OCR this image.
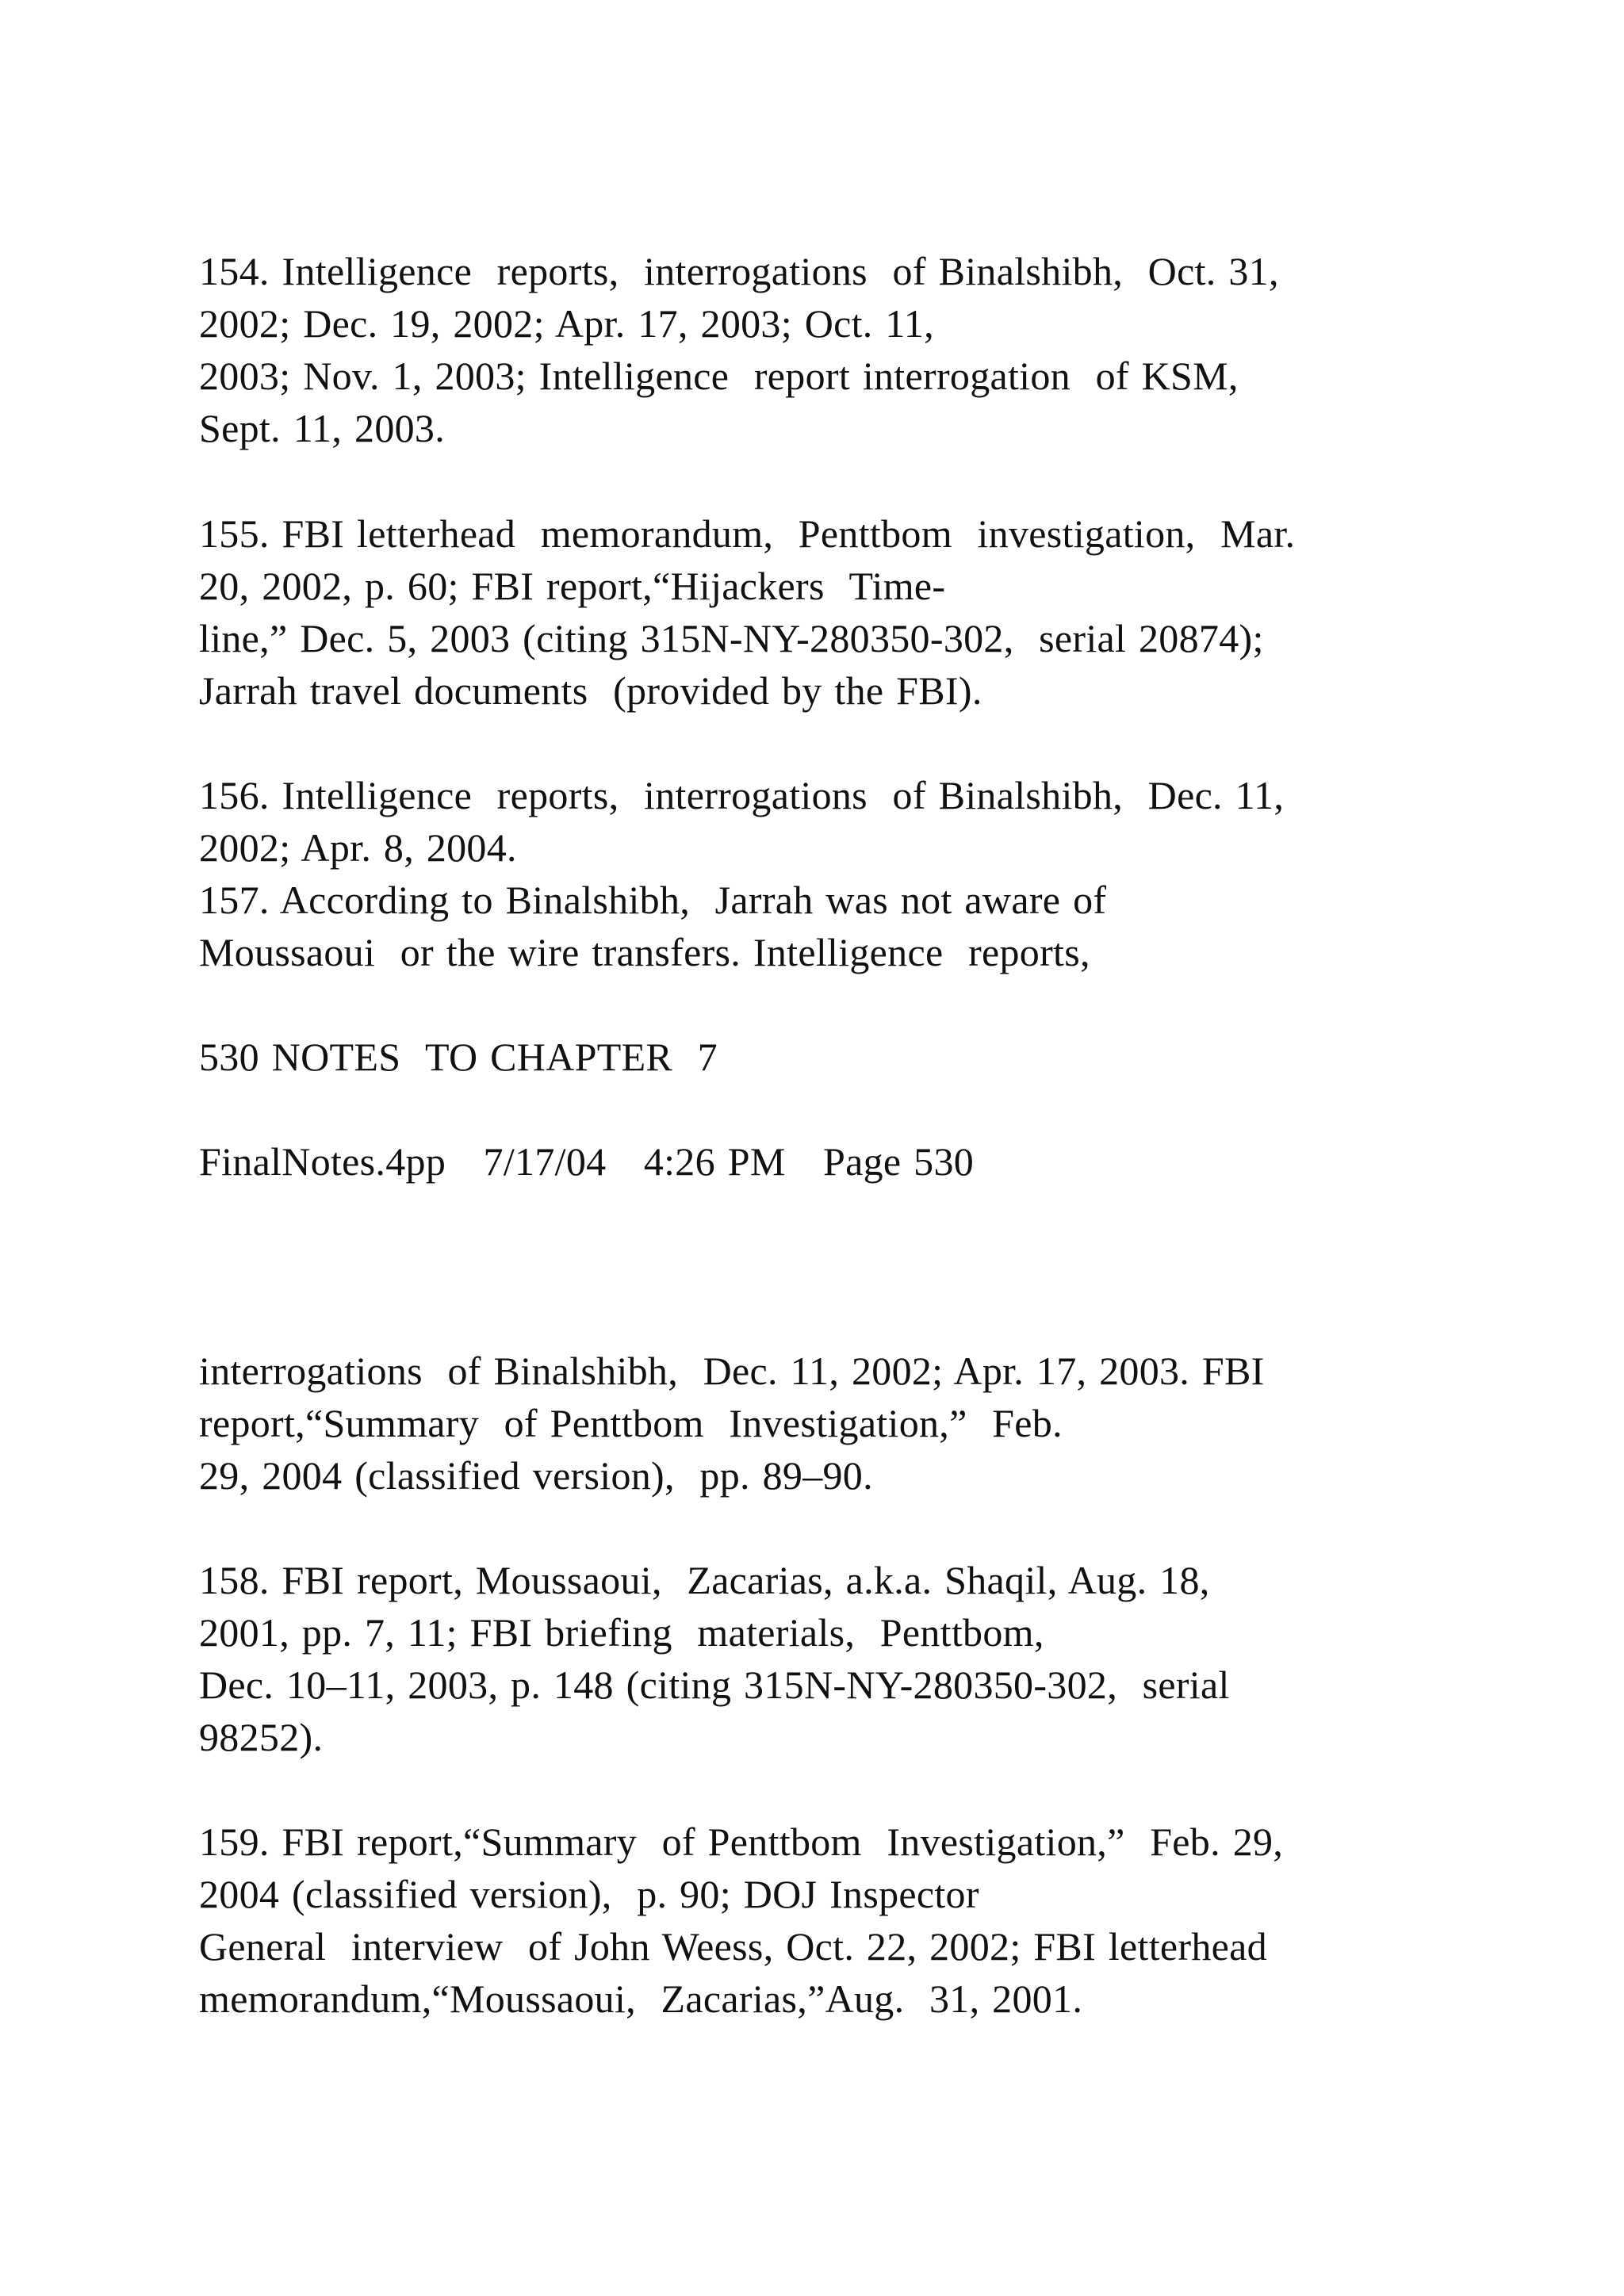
154. Intelligence  reports,  interrogations  of Binalshibh,  Oct. 31,
2002; Dec. 19, 2002; Apr. 17, 2003; Oct. 11,
2003; Nov. 1, 2003; Intelligence  report interrogation  of KSM,
Sept. 11, 2003.
155. FBI letterhead  memorandum,  Penttbom  investigation,  Mar.
20, 2002, p. 60; FBI report,“Hijackers  Time-
line,” Dec. 5, 2003 (citing 315N-NY-280350-302,  serial 20874);
Jarrah travel documents  (provided by the FBI).
156. Intelligence  reports,  interrogations  of Binalshibh,  Dec. 11,
2002; Apr. 8, 2004.
157. According to Binalshibh,  Jarrah was not aware of
Moussaoui  or the wire transfers. Intelligence  reports,
530 NOTES  TO CHAPTER  7
FinalNotes.4pp   7/17/04   4:26 PM   Page 530
interrogations  of Binalshibh,  Dec. 11, 2002; Apr. 17, 2003. FBI
report,“Summary  of Penttbom  Investigation,”  Feb.
29, 2004 (classified version),  pp. 89–90.
158. FBI report, Moussaoui,  Zacarias, a.k.a. Shaqil, Aug. 18,
2001, pp. 7, 11; FBI briefing  materials,  Penttbom,
Dec. 10–11, 2003, p. 148 (citing 315N-NY-280350-302,  serial
98252).
159. FBI report,“Summary  of Penttbom  Investigation,”  Feb. 29,
2004 (classified version),  p. 90; DOJ Inspector
General  interview  of John Weess, Oct. 22, 2002; FBI letterhead
memorandum,“Moussaoui,  Zacarias,”Aug.  31, 2001.
